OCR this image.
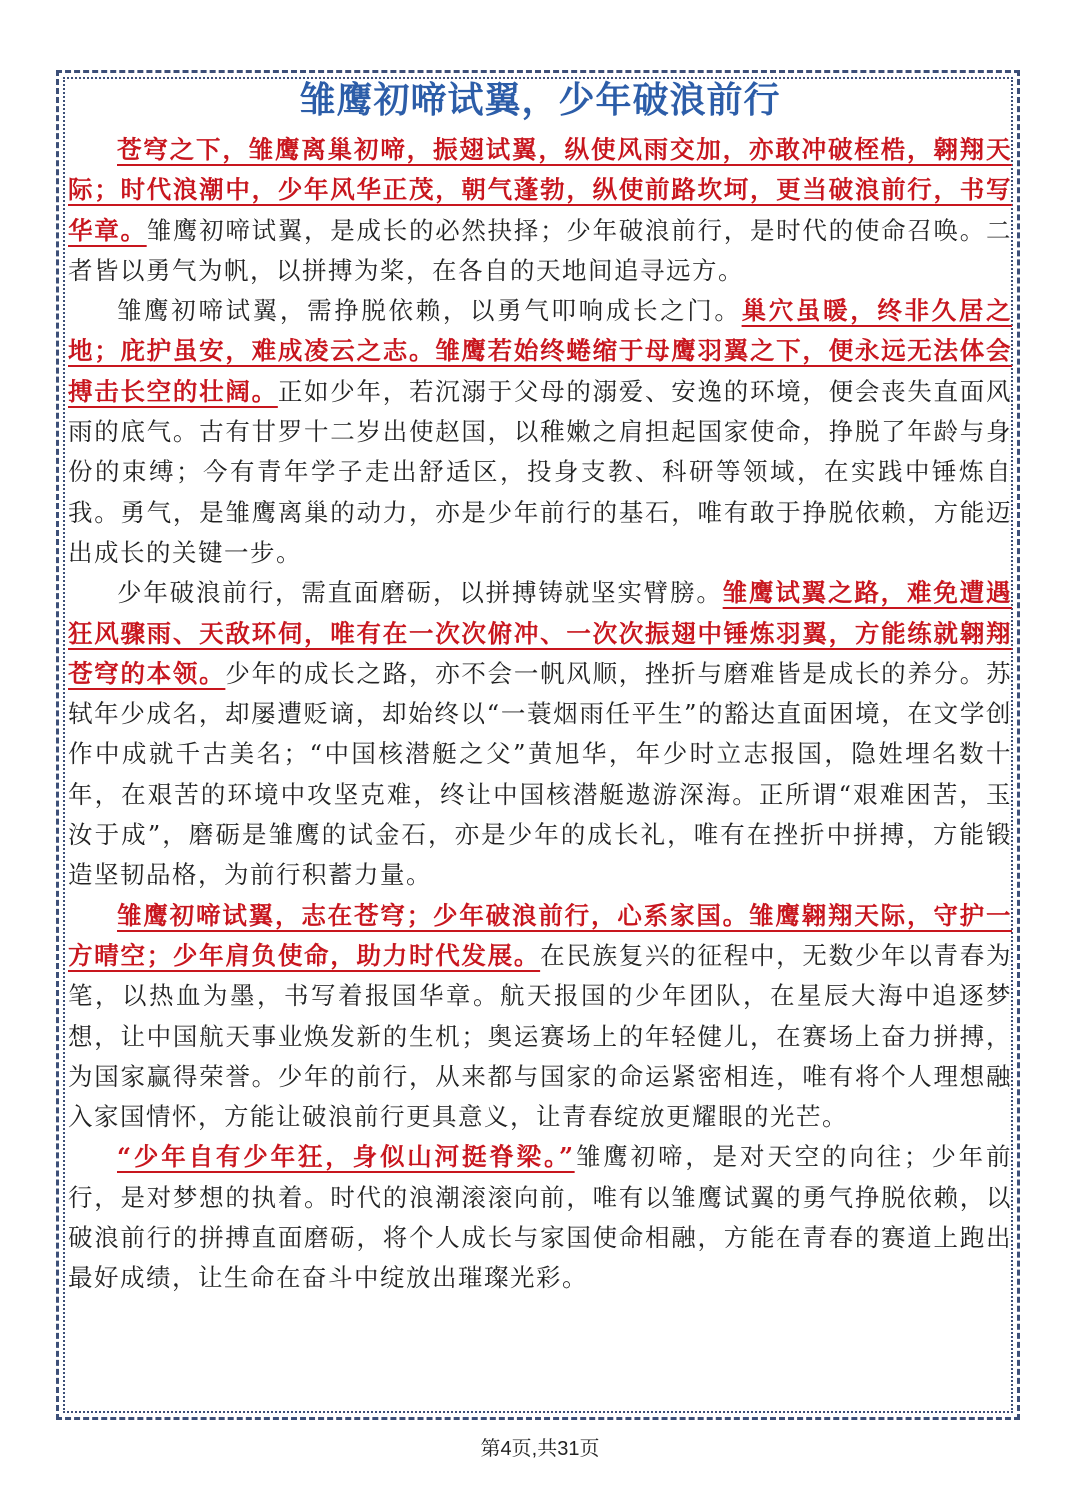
雏鹰初啼试翼，少年破浪前行

苍穹之下，雏鹰离巢初啼，振翅试翼，纵使风雨交加，亦敢冲破桎梏，翱翔天际；时代浪潮中，少年风华正茂，朝气蓬勃，纵使前路坎坷，更当破浪前行，书写华章。雏鹰初啼试翼，是成长的必然抉择；少年破浪前行，是时代的使命召唤。二者皆以勇气为帆，以拼搏为桨，在各自的天地间追寻远方。

雏鹰初啼试翼，需挣脱依赖，以勇气叩响成长之门。巢穴虽暖，终非久居之地；庇护虽安，难成凌云之志。雏鹰若始终蜷缩于母鹰羽翼之下，便永远无法体会搏击长空的壮阔。正如少年，若沉溺于父母的溺爱、安逸的环境，便会丧失直面风雨的底气。古有甘罗十二岁出使赵国，以稚嫩之肩担起国家使命，挣脱了年龄与身份的束缚；今有青年学子走出舒适区，投身支教、科研等领域，在实践中锤炼自我。勇气，是雏鹰离巢的动力，亦是少年前行的基石，唯有敢于挣脱依赖，方能迈出成长的关键一步。

少年破浪前行，需直面磨砺，以拼搏铸就坚实臂膀。雏鹰试翼之路，难免遭遇狂风骤雨、天敌环伺，唯有在一次次俯冲、一次次振翅中锤炼羽翼，方能练就翱翔苍穹的本领。少年的成长之路，亦不会一帆风顺，挫折与磨难皆是成长的养分。苏轼年少成名，却屡遭贬谪，却始终以“一蓑烟雨任平生”的豁达直面困境，在文学创作中成就千古美名；“中国核潜艇之父”黄旭华，年少时立志报国，隐姓埋名数十年，在艰苦的环境中攻坚克难，终让中国核潜艇遨游深海。正所谓“艰难困苦，玉汝于成”，磨砺是雏鹰的试金石，亦是少年的成长礼，唯有在挫折中拼搏，方能锻造坚韧品格，为前行积蓄力量。

雏鹰初啼试翼，志在苍穹；少年破浪前行，心系家国。雏鹰翱翔天际，守护一方晴空；少年肩负使命，助力时代发展。在民族复兴的征程中，无数少年以青春为笔，以热血为墨，书写着报国华章。航天报国的少年团队，在星辰大海中追逐梦想，让中国航天事业焕发新的生机；奥运赛场上的年轻健儿，在赛场上奋力拼搏，为国家赢得荣誉。少年的前行，从来都与国家的命运紧密相连，唯有将个人理想融入家国情怀，方能让破浪前行更具意义，让青春绽放更耀眼的光芒。

“少年自有少年狂，身似山河挺脊梁。”雏鹰初啼，是对天空的向往；少年前行，是对梦想的执着。时代的浪潮滚滚向前，唯有以雏鹰试翼的勇气挣脱依赖，以破浪前行的拼搏直面磨砺，将个人成长与家国使命相融，方能在青春的赛道上跑出最好成绩，让生命在奋斗中绽放出璀璨光彩。

第4页,共31页
